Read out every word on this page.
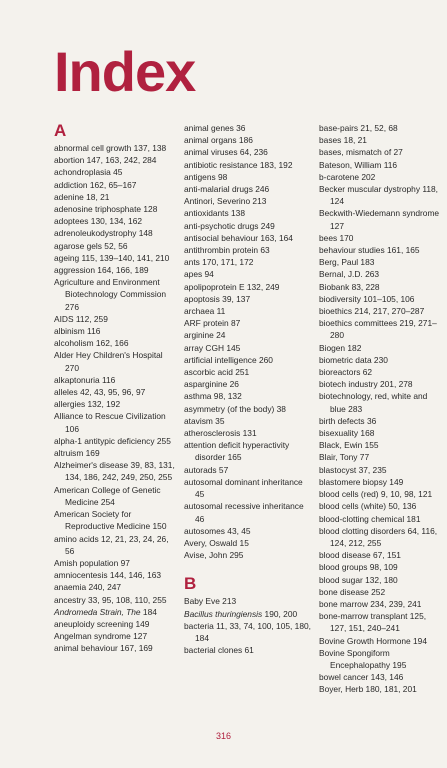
Index
A
abnormal cell growth 137, 138
abortion 147, 163, 242, 284
achondroplasia 45
addiction 162, 65–167
adenine 18, 21
adenosine triphosphate 128
adoptees 130, 134, 162
adrenoleukodystrophy 148
agarose gels 52, 56
ageing 115, 139–140, 141, 210
aggression 164, 166, 189
Agriculture and Environment Biotechnology Commission 276
AIDS 112, 259
albinism 116
alcoholism 162, 166
Alder Hey Children's Hospital 270
alkaptonuria 116
alleles 42, 43, 95, 96, 97
allergies 132, 192
Alliance to Rescue Civilization 106
alpha-1 antitypic deficiency 255
altruism 169
Alzheimer's disease 39, 83, 131, 134, 186, 242, 249, 250, 255
American College of Genetic Medicine 254
American Society for Reproductive Medicine 150
amino acids 12, 21, 23, 24, 26, 56
Amish population 97
amniocentesis 144, 146, 163
anaemia 240, 247
ancestry 33, 95, 108, 110, 255
Andromeda Strain, The 184
aneuploidy screening 149
Angelman syndrome 127
animal behaviour 167, 169
animal genes 36
animal organs 186
animal viruses 64, 236
antibiotic resistance 183, 192
antigens 98
anti-malarial drugs 246
Antinori, Severino 213
antioxidants 138
anti-psychotic drugs 249
antisocial behaviour 163, 164
antithrombin protein 63
ants 170, 171, 172
apes 94
apolipoprotein E 132, 249
apoptosis 39, 137
archaea 11
ARF protein 87
arginine 24
array CGH 145
artificial intelligence 260
ascorbic acid 251
asparginine 26
asthma 98, 132
asymmetry (of the body) 38
atavism 35
atherosclerosis 131
attention deficit hyperactivity disorder 165
autorads 57
autosomal dominant inheritance 45
autosomal recessive inheritance 46
autosomes 43, 45
Avery, Oswald 15
Avise, John 295
B
Baby Eve 213
Bacillus thuringiensis 190, 200
bacteria 11, 33, 74, 100, 105, 180, 184
bacterial clones 61
base-pairs 21, 52, 68
bases 18, 21
bases, mismatch of 27
Bateson, William 116
b-carotene 202
Becker muscular dystrophy 118, 124
Beckwith-Wiedemann syndrome 127
bees 170
behaviour studies 161, 165
Berg, Paul 183
Bernal, J.D. 263
Biobank 83, 228
biodiversity 101–105, 106
bioethics 214, 217, 270–287
bioethics committees 219, 271–280
Biogen 182
biometric data 230
bioreactors 62
biotech industry 201, 278
biotechnology, red, white and blue 283
birth defects 36
bisexuality 168
Black, Ewin 155
Blair, Tony 77
blastocyst 37, 235
blastomere biopsy 149
blood cells (red) 9, 10, 98, 121
blood cells (white) 50, 136
blood-clotting chemical 181
blood clotting disorders 64, 116, 124, 212, 255
blood disease 67, 151
blood groups 98, 109
blood sugar 132, 180
bone disease 252
bone marrow 234, 239, 241
bone-marrow transplant 125, 127, 151, 240–241
Bovine Growth Hormone 194
Bovine Spongiform Encephalopathy 195
bowel cancer 143, 146
Boyer, Herb 180, 181, 201
316
